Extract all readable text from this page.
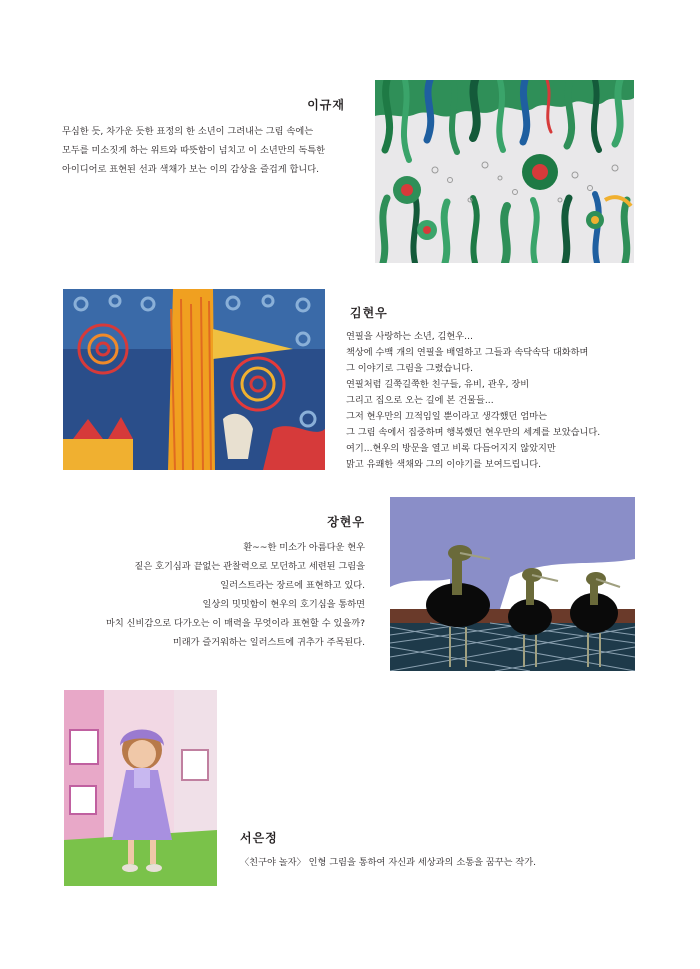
이규재
무심한 듯, 차가운 듯한 표정의 한 소년이 그려내는 그림 속에는
모두를 미소짓게 하는 위트와 따뜻함이 넘치고 이 소년만의 독특한
아이디어로 표현된 선과 색채가 보는 이의 감상을 즐겁게 합니다.
김현우
연필을 사랑하는 소년, 김현우...
책상에 수백 개의 연필을 배열하고 그들과 속닥속닥 대화하며
그 이야기로 그림을 그렸습니다.
연필처럼 길쭉길쭉한 친구들, 유비, 관우, 장비
그리고 집으로 오는 길에 본 건물들...
그저 현우만의 끄적임일 뿐이라고 생각했던 엄마는
그 그림 속에서 집중하며 행복했던 현우만의 세계를 보았습니다.
여기...현우의 방문을 열고 비록 다듬어지지 않았지만
맑고 유쾌한 색채와 그의 이야기를 보여드립니다.
장현우
환~~한 미소가 아름다운 현우
짙은 호기심과 끝없는 관찰력으로 모던하고 세련된 그림을
일러스트라는 장르에 표현하고 있다.
일상의 밋밋함이 현우의 호기심을 통하면
마치 신비감으로 다가오는 이 매력을 무엇이라 표현할 수 있을까?
미래가 즐거워하는 일러스트에 귀추가 주목된다.
서은정
〈친구야 놀자〉 인형 그림을 통하여 자신과 세상과의 소통을 꿈꾸는 작가.
